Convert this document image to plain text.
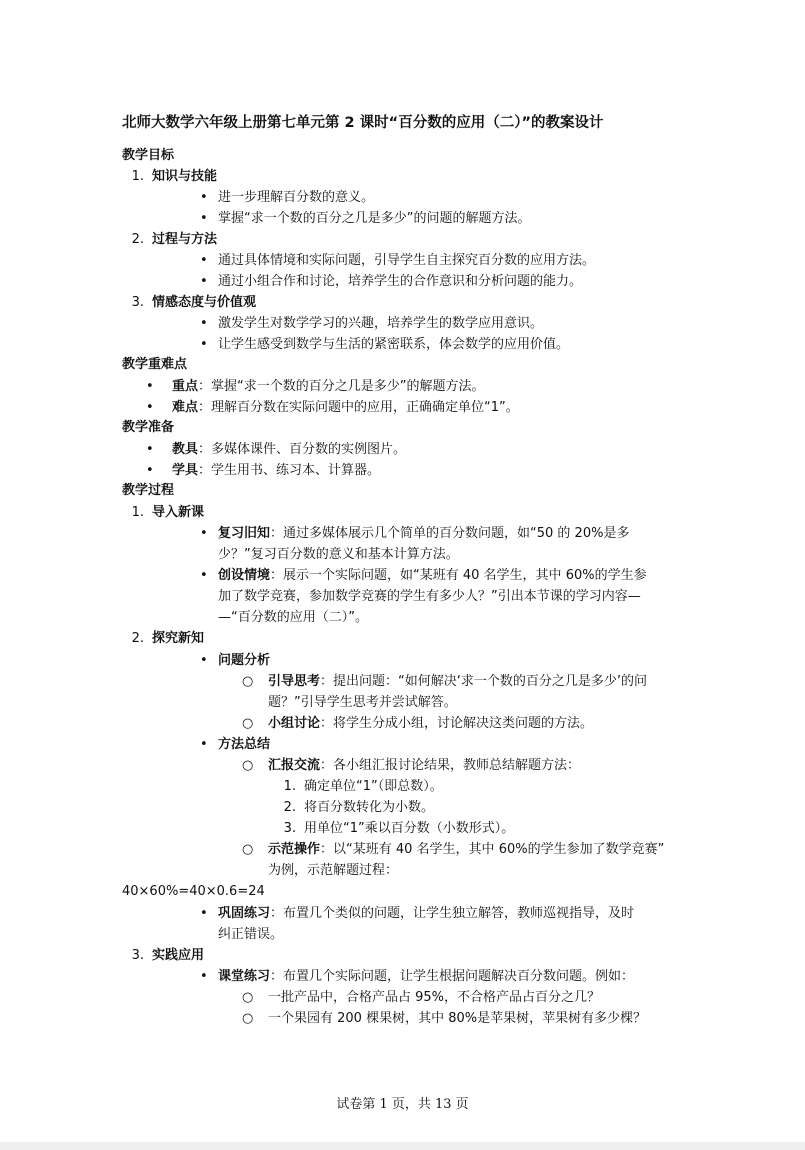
北师大数学六年级上册第七单元第 2 课时“百分数的应用（二）”的教案设计
教学目标
1. 知识与技能
• 进一步理解百分数的意义。
• 掌握“求一个数的百分之几是多少”的问题的解题方法。
2. 过程与方法
• 通过具体情境和实际问题，引导学生自主探究百分数的应用方法。
• 通过小组合作和讨论，培养学生的合作意识和分析问题的能力。
3. 情感态度与价值观
• 激发学生对数学学习的兴趣，培养学生的数学应用意识。
• 让学生感受到数学与生活的紧密联系，体会数学的应用价值。
教学重难点
• 重点：掌握“求一个数的百分之几是多少”的解题方法。
• 难点：理解百分数在实际问题中的应用，正确确定单位“1”。
教学准备
• 教具：多媒体课件、百分数的实例图片。
• 学具：学生用书、练习本、计算器。
教学过程
1. 导入新课
• 复习旧知：通过多媒体展示几个简单的百分数问题，如“50 的 20%是多
少？”复习百分数的意义和基本计算方法。
• 创设情境：展示一个实际问题，如“某班有 40 名学生，其中 60%的学生参
加了数学竞赛，参加数学竞赛的学生有多少人？”引出本节课的学习内容—
—“百分数的应用（二）”。
2. 探究新知
• 问题分析
○ 引导思考：提出问题：“如何解决‘求一个数的百分之几是多少’的问
题？”引导学生思考并尝试解答。
○ 小组讨论：将学生分成小组，讨论解决这类问题的方法。
• 方法总结
○ 汇报交流：各小组汇报讨论结果，教师总结解题方法：
1. 确定单位“1”（即总数）。
2. 将百分数转化为小数。
3. 用单位“1”乘以百分数（小数形式）。
○ 示范操作：以“某班有 40 名学生，其中 60%的学生参加了数学竞赛”
为例，示范解题过程：
40×60%=40×0.6=24
• 巩固练习：布置几个类似的问题，让学生独立解答，教师巡视指导，及时
纠正错误。
3. 实践应用
• 课堂练习：布置几个实际问题，让学生根据问题解决百分数问题。例如：
○ 一批产品中，合格产品占 95%，不合格产品占百分之几？
○ 一个果园有 200 棵果树，其中 80%是苹果树，苹果树有多少棵？
试卷第 1 页，共 13 页
